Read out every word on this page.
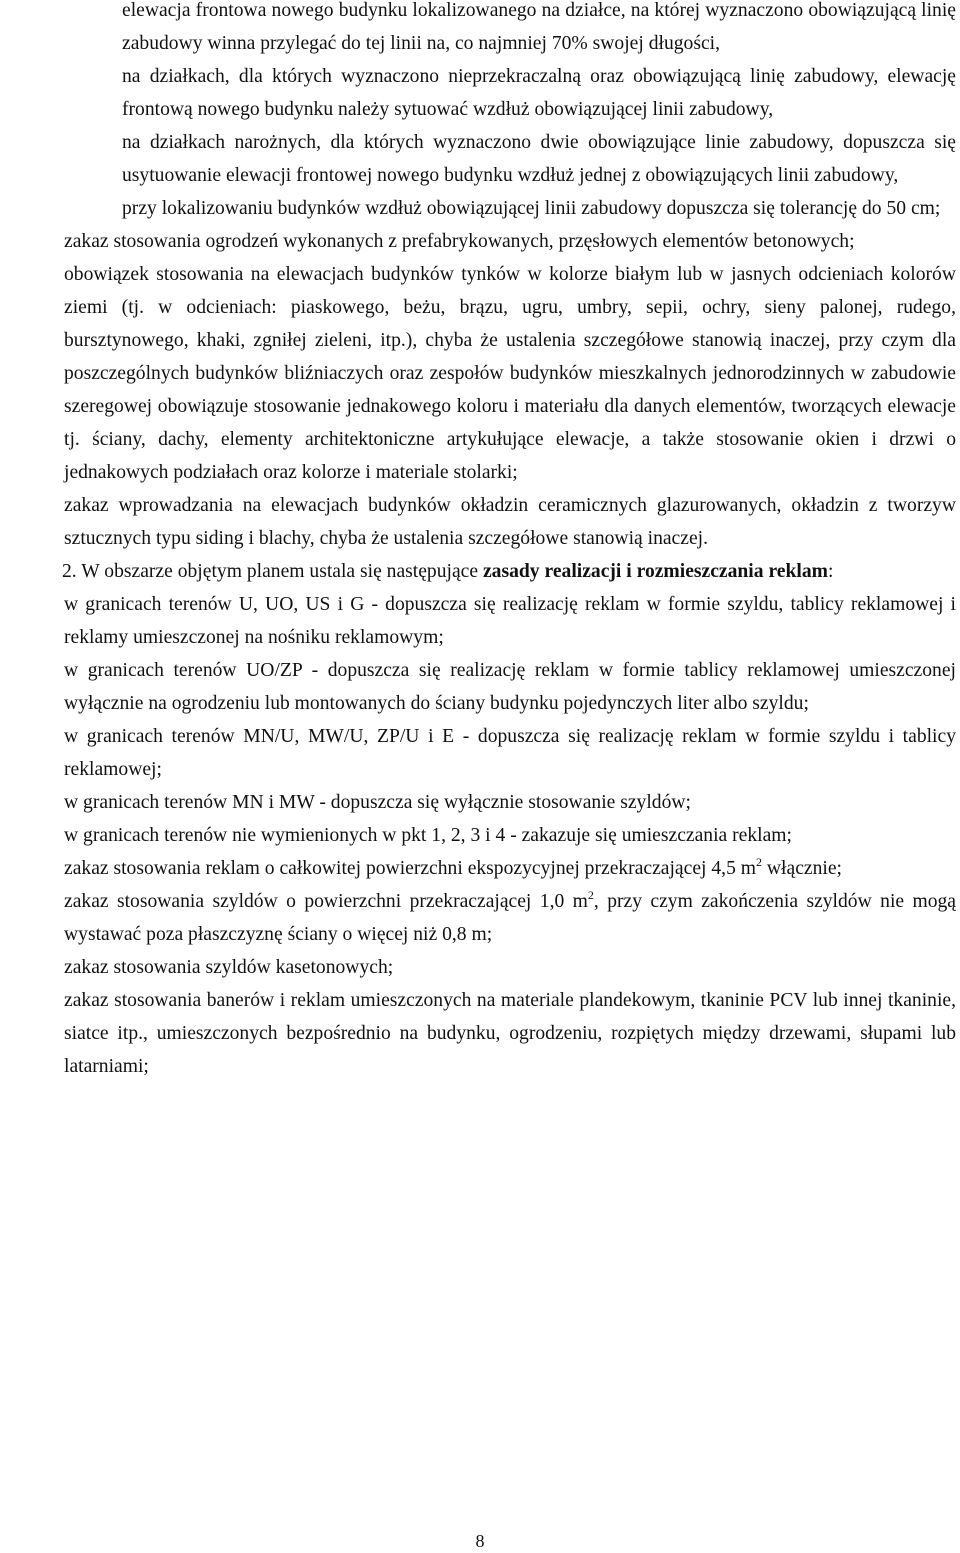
elewacja frontowa nowego budynku lokalizowanego na działce, na której wyznaczono obowiązującą linię zabudowy winna przylegać do tej linii na, co najmniej 70% swojej długości,
na działkach, dla których wyznaczono nieprzekraczalną oraz obowiązującą linię zabudowy, elewację frontową nowego budynku należy sytuować wzdłuż obowiązującej linii zabudowy,
na działkach narożnych, dla których wyznaczono dwie obowiązujące linie zabudowy, dopuszcza się usytuowanie elewacji frontowej nowego budynku wzdłuż jednej z obowiązujących linii zabudowy,
przy lokalizowaniu budynków wzdłuż obowiązującej linii zabudowy dopuszcza się tolerancję do 50 cm;
zakaz stosowania ogrodzeń wykonanych z prefabrykowanych, przęsłowych elementów betonowych;
obowiązek stosowania na elewacjach budynków tynków w kolorze białym lub w jasnych odcieniach kolorów ziemi (tj. w odcieniach: piaskowego, beżu, brązu, ugru, umbry, sepii, ochry, sieny palonej, rudego, bursztynowego, khaki, zgniłej zieleni, itp.), chyba że ustalenia szczegółowe stanowią inaczej, przy czym dla poszczególnych budynków bliźniaczych oraz zespołów budynków mieszkalnych jednorodzinnych w zabudowie szeregowej obowiązuje stosowanie jednakowego koloru i materiału dla danych elementów, tworzących elewacje tj. ściany, dachy, elementy architektoniczne artykułujące elewacje, a także stosowanie okien i drzwi o jednakowych podziałach oraz kolorze i materiale stolarki;
zakaz wprowadzania na elewacjach budynków okładzin ceramicznych glazurowanych, okładzin z tworzyw sztucznych typu siding i blachy, chyba że ustalenia szczegółowe stanowią inaczej.

2. W obszarze objętym planem ustala się następujące zasady realizacji i rozmieszczania reklam:

w granicach terenów U, UO, US i G - dopuszcza się realizację reklam w formie szyldu, tablicy reklamowej i reklamy umieszczonej na nośniku reklamowym;
w granicach terenów UO/ZP - dopuszcza się realizację reklam w formie tablicy reklamowej umieszczonej wyłącznie na ogrodzeniu lub montowanych do ściany budynku pojedynczych liter albo szyldu;
w granicach terenów MN/U, MW/U, ZP/U i E - dopuszcza się realizację reklam w formie szyldu i tablicy reklamowej;
w granicach terenów MN i MW - dopuszcza się wyłącznie stosowanie szyldów;
w granicach terenów nie wymienionych w pkt 1, 2, 3 i 4 - zakazuje się umieszczania reklam;
zakaz stosowania reklam o całkowitej powierzchni ekspozycyjnej przekraczającej 4,5 $m^2$ włącznie;
zakaz stosowania szyldów o powierzchni przekraczającej 1,0 $m^2$, przy czym zakończenia szyldów nie mogą wystawać poza płaszczyznę ściany o więcej niż 0,8 m;
zakaz stosowania szyldów kasetonowych;
zakaz stosowania banerów i reklam umieszczonych na materiale plandekowym, tkaninie PCV lub innej tkaninie, siatce itp., umieszczonych bezpośrednio na budynku, ogrodzeniu, rozpiętych między drzewami, słupami lub latarniami;
8
